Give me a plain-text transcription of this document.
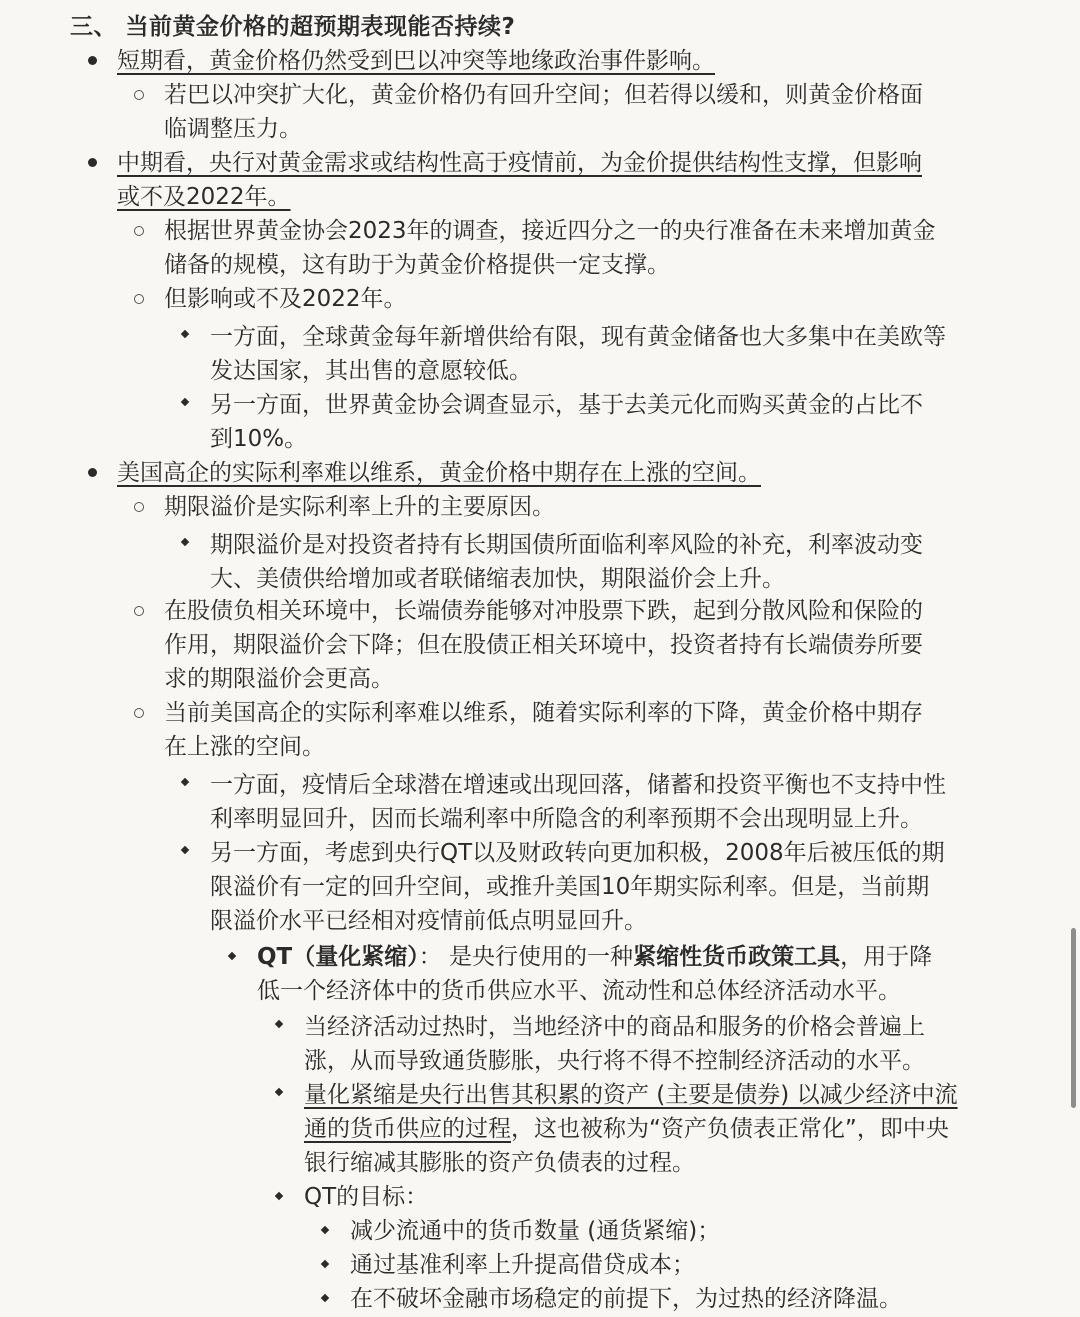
三、 当前黄金价格的超预期表现能否持续?
短期看，黄金价格仍然受到巴以冲突等地缘政治事件影响。
若巴以冲突扩大化，黄金价格仍有回升空间；但若得以缓和，则黄金价格面
临调整压力。
中期看，央行对黄金需求或结构性高于疫情前，为金价提供结构性支撑，但影响
或不及2022年。
根据世界黄金协会2023年的调查，接近四分之一的央行准备在未来增加黄金
储备的规模，这有助于为黄金价格提供一定支撑。
但影响或不及2022年。
一方面，全球黄金每年新增供给有限，现有黄金储备也大多集中在美欧等
发达国家，其出售的意愿较低。
另一方面，世界黄金协会调查显示，基于去美元化而购买黄金的占比不
到10%。
美国高企的实际利率难以维系，黄金价格中期存在上涨的空间。
期限溢价是实际利率上升的主要原因。
期限溢价是对投资者持有长期国债所面临利率风险的补充，利率波动变
大、美债供给增加或者联储缩表加快，期限溢价会上升。
在股债负相关环境中，长端债券能够对冲股票下跌，起到分散风险和保险的
作用，期限溢价会下降；但在股债正相关环境中，投资者持有长端债券所要
求的期限溢价会更高。
当前美国高企的实际利率难以维系，随着实际利率的下降，黄金价格中期存
在上涨的空间。
一方面，疫情后全球潜在增速或出现回落，储蓄和投资平衡也不支持中性
利率明显回升，因而长端利率中所隐含的利率预期不会出现明显上升。
另一方面，考虑到央行QT以及财政转向更加积极，2008年后被压低的期
限溢价有一定的回升空间，或推升美国10年期实际利率。但是，当前期
限溢价水平已经相对疫情前低点明显回升。
QT（量化紧缩）： 是央行使用的一种紧缩性货币政策工具，用于降
低一个经济体中的货币供应水平、流动性和总体经济活动水平。
当经济活动过热时，当地经济中的商品和服务的价格会普遍上
涨，从而导致通货膨胀，央行将不得不控制经济活动的水平。
量化紧缩是央行出售其积累的资产 (主要是债券) 以减少经济中流
通的货币供应的过程，这也被称为“资产负债表正常化”，即中央
银行缩减其膨胀的资产负债表的过程。
QT的目标：
减少流通中的货币数量 (通货紧缩)；
通过基准利率上升提高借贷成本；
在不破坏金融市场稳定的前提下，为过热的经济降温。
